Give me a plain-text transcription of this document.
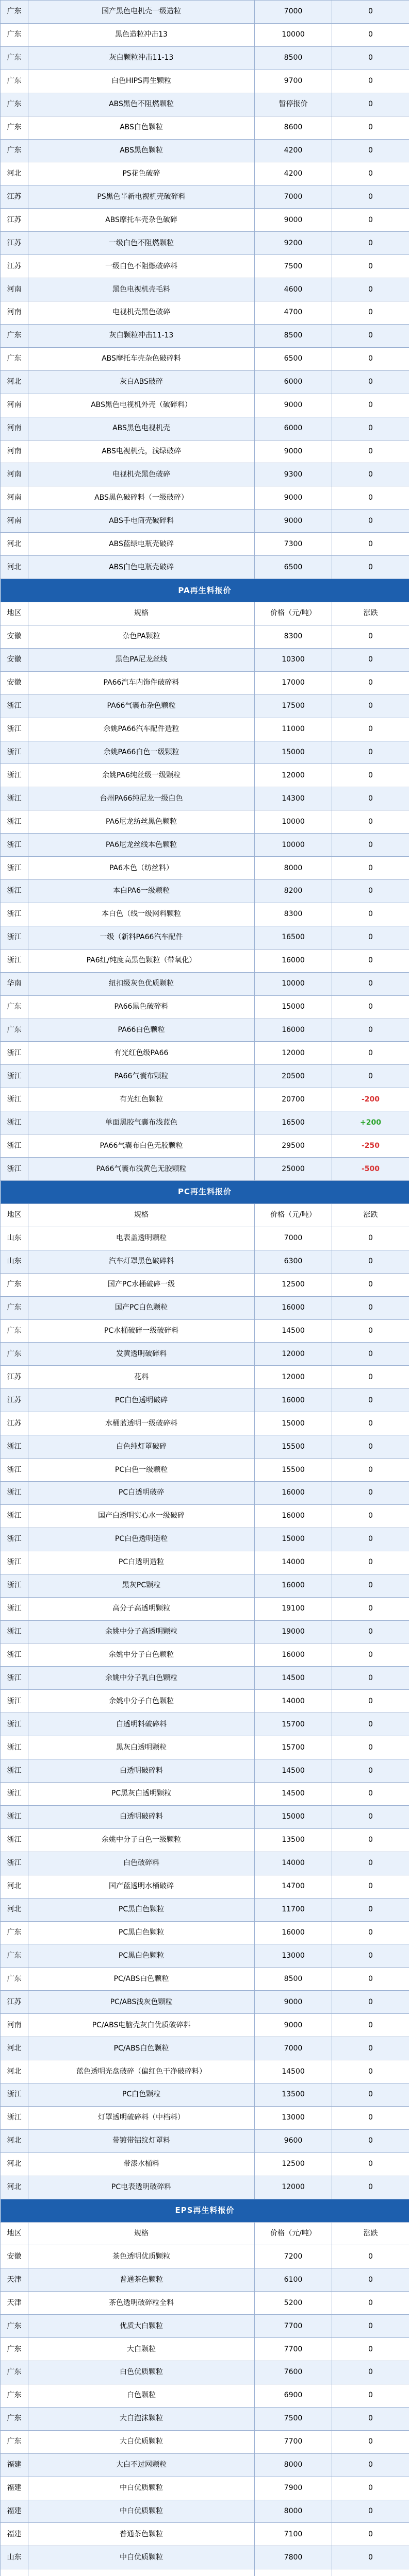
广东	国产黑色电机壳一级造粒	7000	0
广东	黑色造粒冲击13	10000	0
广东	灰白颗粒冲击11-13	8500	0
广东	白色HIPS再生颗粒	9700	0
广东	ABS黑色不阻燃颗粒	暂停报价	0
广东	ABS白色颗粒	8600	0
广东	ABS黑色颗粒	4200	0
河北	PS花色破碎	4200	0
江苏	PS黑色半新电视机壳破碎料	7000	0
江苏	ABS摩托车壳杂色破碎	9000	0
江苏	一级白色不阻燃颗粒	9200	0
江苏	一级白色不阻燃破碎料	7500	0
河南	黑色电视机壳毛料	4600	0
河南	电视机壳黑色破碎	4700	0
广东	灰白颗粒冲击11-13	8500	0
广东	ABS摩托车壳杂色破碎料	6500	0
河北	灰白ABS破碎	6000	0
河南	ABS黑色电视机外壳（破碎料）	9000	0
河南	ABS黑色电视机壳	6000	0
河南	ABS电视机壳，浅绿破碎	9000	0
河南	电视机壳黑色破碎	9300	0
河南	ABS黑色破碎料（一级破碎）	9000	0
河南	ABS手电筒壳破碎料	9000	0
河北	ABS蓝绿电瓶壳破碎	7300	0
河北	ABS白色电瓶壳破碎	6500	0
PA再生料报价			
地区	规格	价格（元/吨）	涨跌
安徽	杂色PA颗粒	8300	0
安徽	黑色PA尼龙丝线	10300	0
安徽	PA66汽车内饰件破碎料	17000	0
浙江	PA66气囊布杂色颗粒	17500	0
浙江	余姚PA66汽车配件造粒	11000	0
浙江	余姚PA66白色一级颗粒	15000	0
浙江	余姚PA6纯丝级一级颗粒	12000	0
浙江	台州PA66纯尼龙一级白色	14300	0
浙江	PA6尼龙纺丝黑色颗粒	10000	0
浙江	PA6尼龙丝线本色颗粒	10000	0
浙江	PA6本色（纺丝料）	8000	0
浙江	本白PA6一级颗粒	8200	0
浙江	本白色（线一级网料颗粒	8300	0
浙江	一级（新料PA66汽车配件	16500	0
浙江	PA6红/纯度高黑色颗粒（带氧化）	16000	0
华南	纽扣级灰色优质颗粒	10000	0
广东	PA66黑色破碎料	15000	0
广东	PA66白色颗粒	16000	0
浙江	有光红色级PA66	12000	0
浙江	PA66气囊布颗粒	20500	0
浙江	有光红色颗粒	20700	-200
浙江	单面黑胶气囊布浅蓝色	16500	+200
浙江	PA66气囊布白色无胶颗粒	29500	-250
浙江	PA66气囊布浅黄色无胶颗粒	25000	-500
PC再生料报价			
地区	规格	价格（元/吨）	涨跌
山东	电表盖透明颗粒	7000	0
山东	汽车灯罩黑色破碎料	6300	0
广东	国产PC水桶破碎一级	12500	0
广东	国产PC白色颗粒	16000	0
广东	PC水桶破碎一级破碎料	14500	0
广东	发黄透明破碎料	12000	0
江苏	花料	12000	0
江苏	PC白色透明破碎	16000	0
江苏	水桶蓝透明一级破碎料	15000	0
浙江	白色纯灯罩破碎	15500	0
浙江	PC白色一级颗粒	15500	0
浙江	PC白透明破碎	16000	0
浙江	国产白透明实心水一级破碎	16000	0
浙江	PC白色透明造粒	15000	0
浙江	PC白透明造粒	14000	0
浙江	黑灰PC颗粒	16000	0
浙江	高分子高透明颗粒	19100	0
浙江	余姚中分子高透明颗粒	19000	0
浙江	余姚中分子白色颗粒	16000	0
浙江	余姚中分子乳白色颗粒	14500	0
浙江	余姚中分子白色颗粒	14000	0
浙江	白透明料破碎料	15700	0
浙江	黑灰白透明颗粒	15700	0
浙江	白透明破碎料	14500	0
浙江	PC黑灰白透明颗粒	14500	0
浙江	白透明破碎料	15000	0
浙江	余姚中分子白色一级颗粒	13500	0
浙江	白色破碎料	14000	0
河北	国产蓝透明水桶破碎	14700	0
河北	PC黑白色颗粒	11700	0
广东	PC黑白色颗粒	16000	0
广东	PC黑白色颗粒	13000	0
广东	PC/ABS白色颗粒	8500	0
江苏	PC/ABS浅灰色颗粒	9000	0
河南	PC/ABS电脑壳灰白优质破碎料	9000	0
河北	PC/ABS白色颗粒	7000	0
河北	蓝色透明光盘破碎（偏红色干净破碎料）	14500	0
浙江	PC白色颗粒	13500	0
浙江	灯罩透明破碎料（中档料）	13000	0
河北	带镀带铝纹灯罩料	9600	0
河北	带漆水桶料	12500	0
河北	PC电表透明破碎料	12000	0
EPS再生料报价			
地区	规格	价格（元/吨）	涨跌
安徽	茶色透明优质颗粒	7200	0
天津	普通茶色颗粒	6100	0
天津	茶色透明破碎粒全料	5200	0
广东	优质大白颗粒	7700	0
广东	大白颗粒	7700	0
广东	白色优质颗粒	7600	0
广东	白色颗粒	6900	0
广东	大白泡沫颗粒	7500	0
广东	大白优质颗粒	7700	0
福建	大白不过网颗粒	8000	0
福建	中白优质颗粒	7900	0
福建	中白优质颗粒	8000	0
福建	普通茶色颗粒	7100	0
山东	中白优质颗粒	7800	0
